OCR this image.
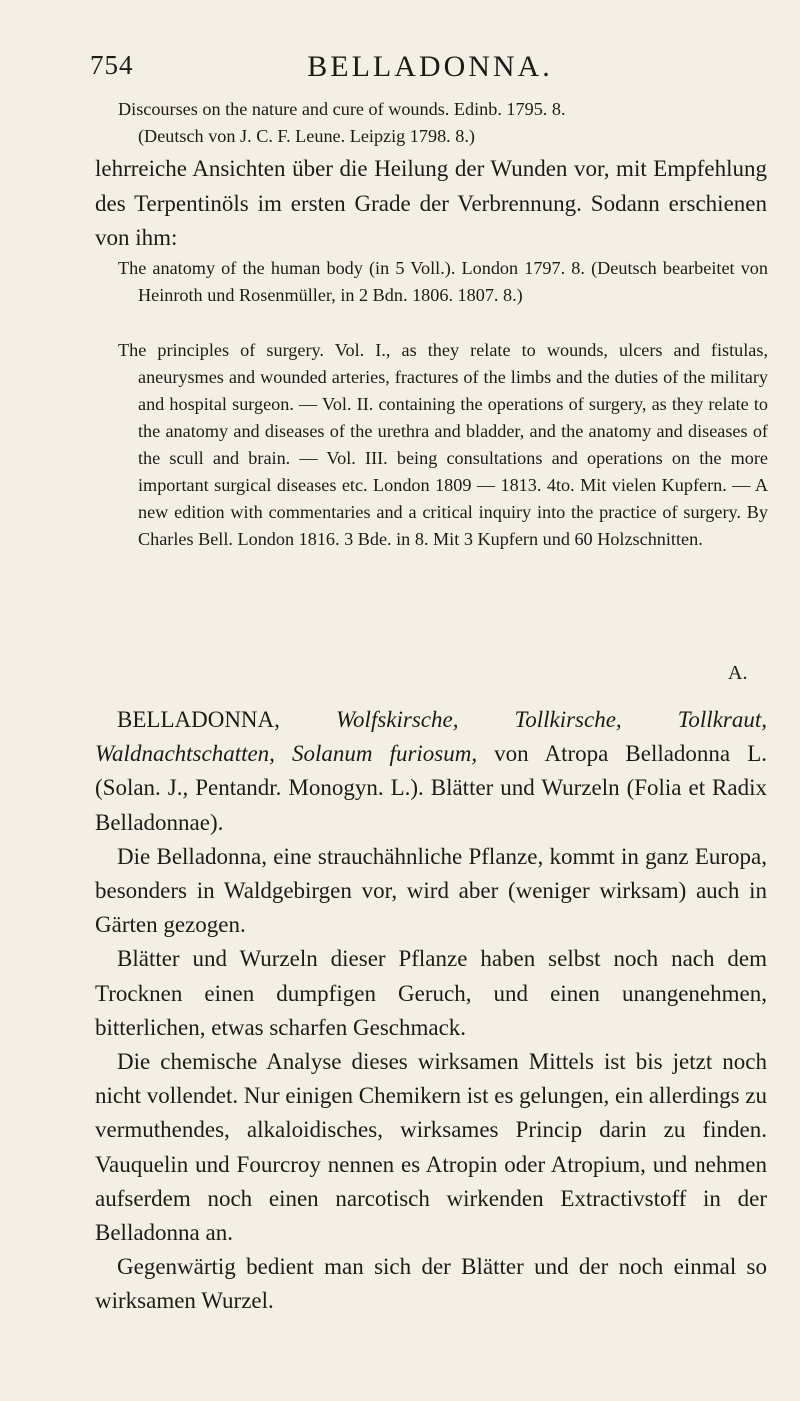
754	BELLADONNA.

Discourses on the nature and cure of wounds. Edinb. 1795. 8.

(Deutsch von J. C. F. Leune. Leipzig 1798. 8.)

lehrreiche Ansichten über die Heilung der Wunden vor, mit Empfehlung des Terpentinöls im ersten Grade der Verbrennung. Sodann erschienen von ihm:

The anatomy of the human body (in 5 Voll.). London 1797. 8. (Deutsch bearbeitet von Heinroth und Rosenmüller, in 2 Bdn. 1806. 1807. 8.)

The principles of surgery. Vol. I., as they relate to wounds, ulcers and fistulas, aneurysmes and wounded arteries, fractures of the limbs and the duties of the military and hospital surgeon. — Vol. II. containing the operations of surgery, as they relate to the anatomy and diseases of the urethra and bladder, and the anatomy and diseases of the scull and brain. — Vol. III. being consultations and operations on the more important surgical diseases etc. London 1809 — 1813. 4to. Mit vielen Kupfern. — A new edition with commentaries and a critical inquiry into the practice of surgery. By Charles Bell. London 1816. 3 Bde. in 8. Mit 3 Kupfern und 60 Holzschnitten.

A.

BELLADONNA, Wolfskirsche, Tollkirsche, Tollkraut, Waldnachtschatten, Solanum furiosum, von Atropa Belladonna L. (Solan. J., Pentandr. Monogyn. L.). Blätter und Wurzeln (Folia et Radix Belladonnae).

Die Belladonna, eine strauchähnliche Pflanze, kommt in ganz Europa, besonders in Waldgebirgen vor, wird aber (weniger wirksam) auch in Gärten gezogen.

Blätter und Wurzeln dieser Pflanze haben selbst noch nach dem Trocknen einen dumpfigen Geruch, und einen unangenehmen, bitterlichen, etwas scharfen Geschmack.

Die chemische Analyse dieses wirksamen Mittels ist bis jetzt noch nicht vollendet. Nur einigen Chemikern ist es gelungen, ein allerdings zu vermuthendes, alkaloidisches, wirksames Princip darin zu finden. Vauquelin und Fourcroy nennen es Atropin oder Atropium, und nehmen aufserdem noch einen narcotisch wirkenden Extractivstoff in der Belladonna an.

Gegenwärtig bedient man sich der Blätter und der noch einmal so wirksamen Wurzel.
